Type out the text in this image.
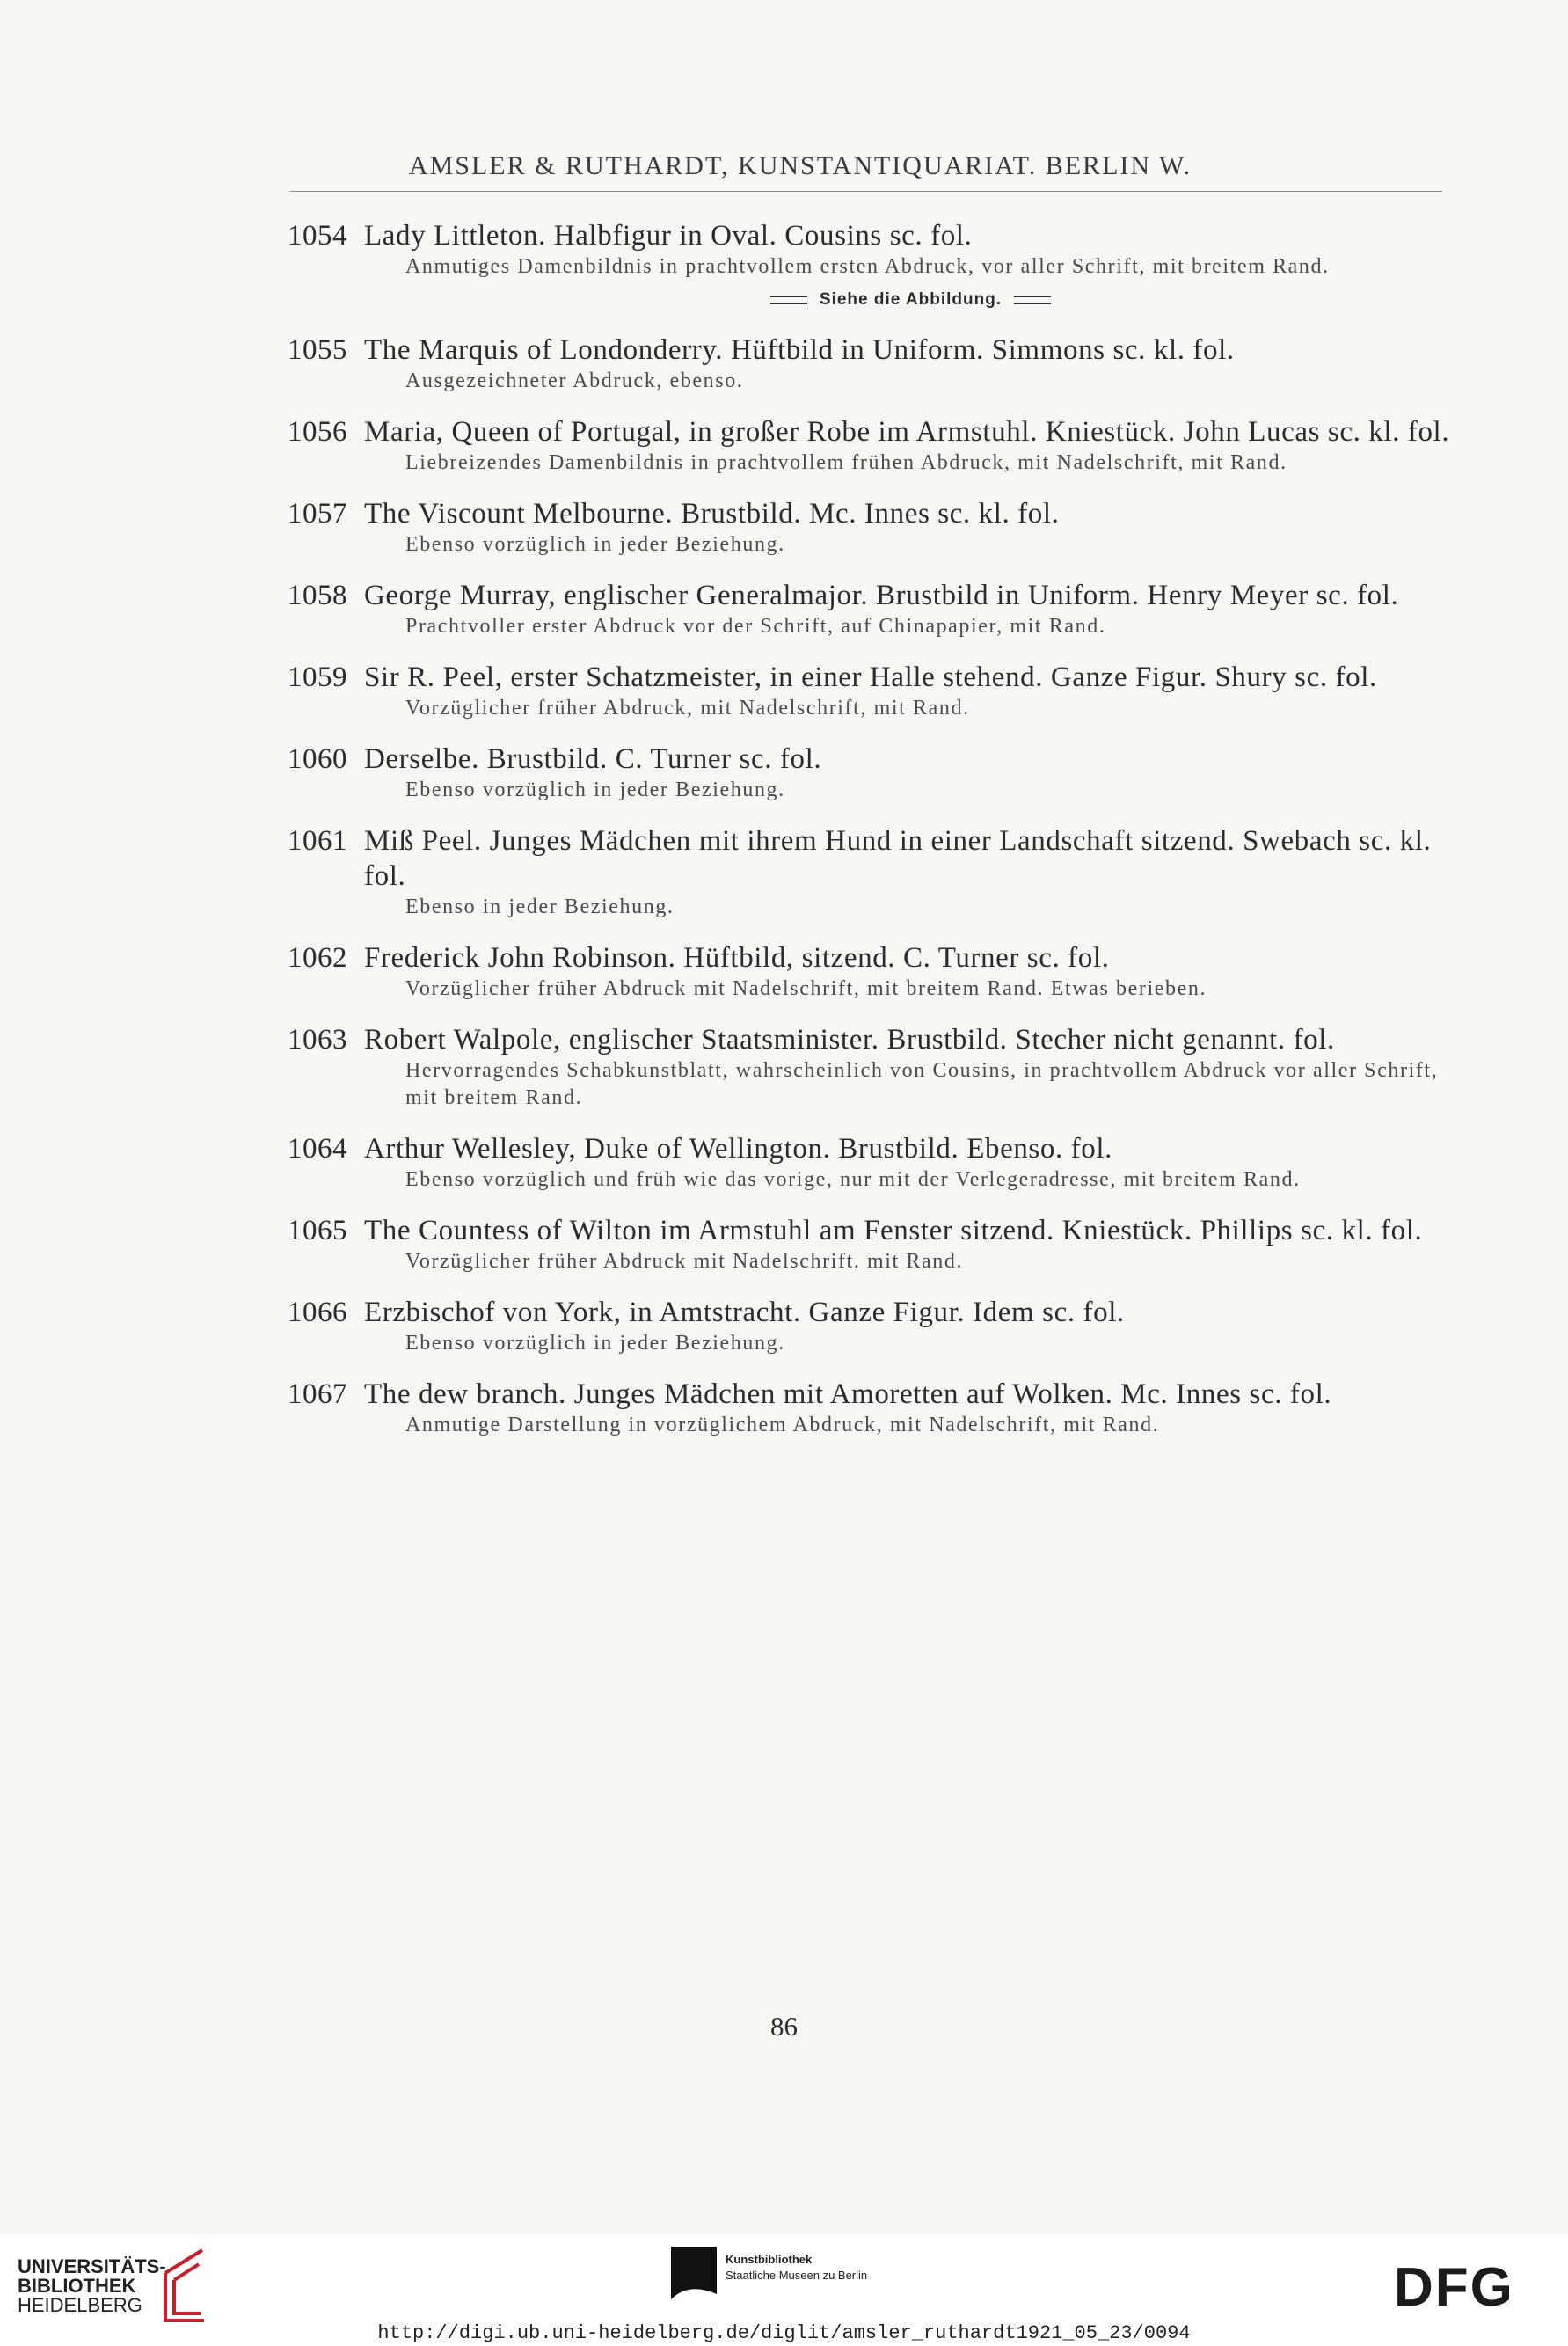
AMSLER & RUTHARDT, KUNSTANTIQUARIAT. BERLIN W.
1054 Lady Littleton. Halbfigur in Oval. Cousins sc. fol.
Anmutiges Damenbildnis in prachtvollem ersten Abdruck, vor aller Schrift, mit breitem Rand.
Siehe die Abbildung.
1055 The Marquis of Londonderry. Hüftbild in Uniform. Simmons sc. kl. fol.
Ausgezeichneter Abdruck, ebenso.
1056 Maria, Queen of Portugal, in großer Robe im Armstuhl. Kniestück. John Lucas sc. kl. fol.
Liebreizendes Damenbildnis in prachtvollem frühen Abdruck, mit Nadelschrift, mit Rand.
1057 The Viscount Melbourne. Brustbild. Mc. Innes sc. kl. fol.
Ebenso vorzüglich in jeder Beziehung.
1058 George Murray, englischer Generalmajor. Brustbild in Uniform. Henry Meyer sc. fol.
Prachtvoller erster Abdruck vor der Schrift, auf Chinapapier, mit Rand.
1059 Sir R. Peel, erster Schatzmeister, in einer Halle stehend. Ganze Figur. Shury sc. fol.
Vorzüglicher früher Abdruck, mit Nadelschrift, mit Rand.
1060 Derselbe. Brustbild. C. Turner sc. fol.
Ebenso vorzüglich in jeder Beziehung.
1061 Miß Peel. Junges Mädchen mit ihrem Hund in einer Landschaft sitzend. Swebach sc. kl. fol.
Ebenso in jeder Beziehung.
1062 Frederick John Robinson. Hüftbild, sitzend. C. Turner sc. fol.
Vorzüglicher früher Abdruck mit Nadelschrift, mit breitem Rand. Etwas berieben.
1063 Robert Walpole, englischer Staatsminister. Brustbild. Stecher nicht genannt. fol.
Hervorragendes Schabkunstblatt, wahrscheinlich von Cousins, in prachtvollem Abdruck vor aller Schrift, mit breitem Rand.
1064 Arthur Wellesley, Duke of Wellington. Brustbild. Ebenso. fol.
Ebenso vorzüglich und früh wie das vorige, nur mit der Verlegeradresse, mit breitem Rand.
1065 The Countess of Wilton im Armstuhl am Fenster sitzend. Kniestück. Phillips sc. kl. fol.
Vorzüglicher früher Abdruck mit Nadelschrift. mit Rand.
1066 Erzbischof von York, in Amtstracht. Ganze Figur. Idem sc. fol.
Ebenso vorzüglich in jeder Beziehung.
1067 The dew branch. Junges Mädchen mit Amoretten auf Wolken. Mc. Innes sc. fol.
Anmutige Darstellung in vorzüglichem Abdruck, mit Nadelschrift, mit Rand.
86
UNIVERSITÄTS-
BIBLIOTHEK
HEIDELBERG
Kunstbibliothek
Staatliche Museen zu Berlin	DFG
http://digi.ub.uni-heidelberg.de/diglit/amsler_ruthardt1921_05_23/0094
